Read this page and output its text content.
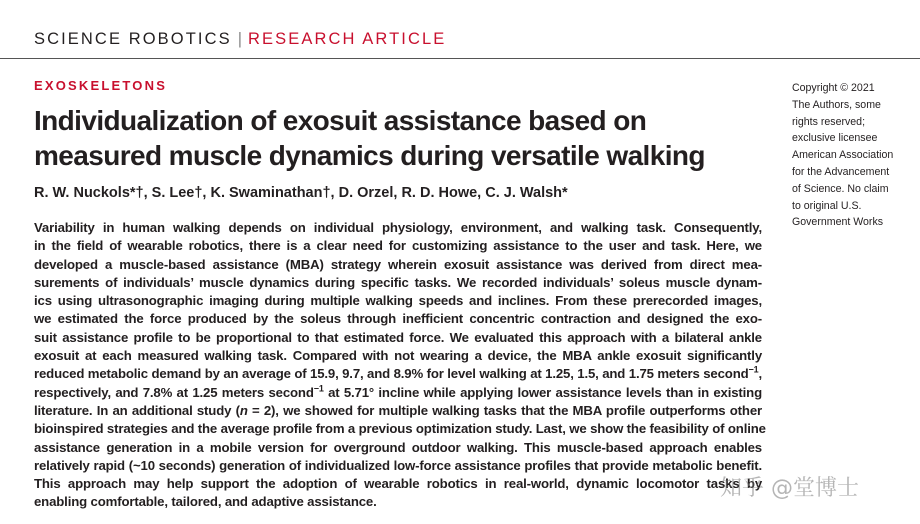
SCIENCE ROBOTICS | RESEARCH ARTICLE
EXOSKELETONS
Individualization of exosuit assistance based on measured muscle dynamics during versatile walking
R. W. Nuckols*†, S. Lee†, K. Swaminathan†, D. Orzel, R. D. Howe, C. J. Walsh*
Variability in human walking depends on individual physiology, environment, and walking task. Consequently,
in the field of wearable robotics, there is a clear need for customizing assistance to the user and task. Here, we
developed a muscle-based assistance (MBA) strategy wherein exosuit assistance was derived from direct mea-
surements of individuals’ muscle dynamics during specific tasks. We recorded individuals’ soleus muscle dynam-
ics using ultrasonographic imaging during multiple walking speeds and inclines. From these prerecorded images,
we estimated the force produced by the soleus through inefficient concentric contraction and designed the exo-
suit assistance profile to be proportional to that estimated force. We evaluated this approach with a bilateral ankle
exosuit at each measured walking task. Compared with not wearing a device, the MBA ankle exosuit significantly
reduced metabolic demand by an average of 15.9, 9.7, and 8.9% for level walking at 1.25, 1.5, and 1.75 meters second$^{-1}$,
respectively, and 7.8% at 1.25 meters second$^{-1}$ at 5.71° incline while applying lower assistance levels than in existing
literature. In an additional study (n = 2), we showed for multiple walking tasks that the MBA profile outperforms other
bioinspired strategies and the average profile from a previous optimization study. Last, we show the feasibility of online
assistance generation in a mobile version for overground outdoor walking. This muscle-based approach enables
relatively rapid (~10 seconds) generation of individualized low-force assistance profiles that provide metabolic benefit.
This approach may help support the adoption of wearable robotics in real-world, dynamic locomotor tasks by
enabling comfortable, tailored, and adaptive assistance.
Copyright © 2021
The Authors, some
rights reserved;
exclusive licensee
American Association
for the Advancement
of Science. No claim
to original U.S.
Government Works
知乎 @堂博士
